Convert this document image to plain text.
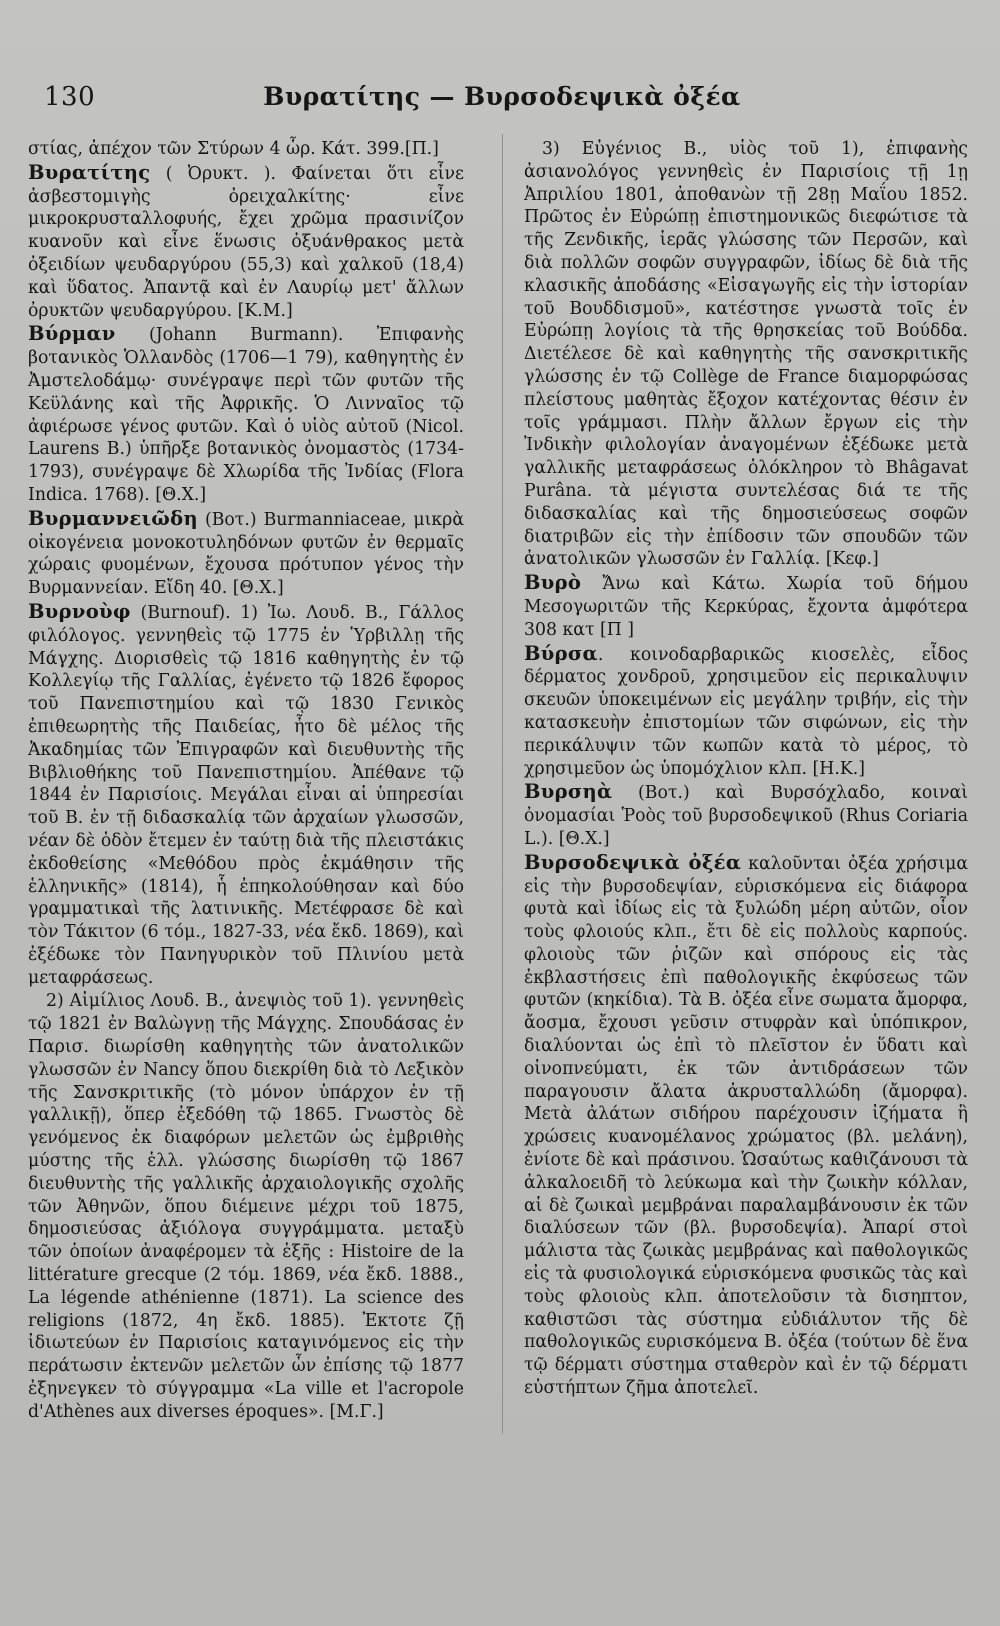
130	Βυρατίτης — Βυρσοδεψικὰ ὀξέα
στίας, ἀπέχον τῶν Στύρων 4 ὧρ. Κάτ. 399.[Π.]
Βυρατίτης ( Ὀρυκτ. ). Φαίνεται ὅτι εἶνε ἀσβεστομιγὴς ὀρειχαλκίτης· εἶνε μικροκρυσταλλοφυής, ἔχει χρῶμα πρασινίζον κυανοῦν καὶ εἶνε ἕνωσις ὀξυάνθρακος μετὰ ὀξειδίων ψευδαργύρου (55,3) καὶ χαλκοῦ (18,4) καὶ ὕδατος. Ἀπαντᾷ καὶ ἐν Λαυρίῳ μετ' ἄλλων ὀρυκτῶν ψευδαργύρου. [Κ.Μ.]
Βύρμαν (Johann Burmann). Ἐπιφανὴς βοτανικὸς Ὁλλανδὸς (1706—1 79), καθηγητὴς ἐν Ἀμστελοδάμῳ· συνέγραψε περὶ τῶν φυτῶν τῆς Κεϋλάνης καὶ τῆς Ἀφρικῆς. Ὁ Λινναῖος τῷ ἀφιέρωσε γένος φυτῶν. Καὶ ὁ υἱὸς αὐτοῦ (Nicol. Laurens B.) ὑπῆρξε βοτανικὸς ὀνομαστὸς (1734-1793), συνέγραψε δὲ Χλωρίδα τῆς Ἰνδίας (Flora Indica. 1768). [Θ.Χ.]
Βυρμαννειῶδη (Βοτ.) Burmanniaceae, μικρὰ οἰκογένεια μονοκοτυληδόνων φυτῶν ἐν θερμαῖς χώραις φυομένων, ἔχουσα πρότυπον γένος τὴν Βυρμαννείαν. Εἴδη 40. [Θ.Χ.]
Βυρνοὺφ (Burnouf). 1) Ἰω. Λουδ. Β., Γάλλος φιλόλογος. γεννηθεὶς τῷ 1775 ἐν Ὑρβιλλῃ τῆς Μάγχης. Διορισθεὶς τῷ 1816 καθηγητὴς ἐν τῷ Κολλεγίῳ τῆς Γαλλίας, ἐγένετο τῷ 1826 ἔφορος τοῦ Πανεπιστημίου καὶ τῷ 1830 Γενικὸς ἐπιθεωρητὴς τῆς Παιδείας, ἦτο δὲ μέλος τῆς Ἀκαδημίας τῶν Ἐπιγραφῶν καὶ διευθυντὴς τῆς Βιβλιοθήκης τοῦ Πανεπιστημίου. Ἀπέθανε τῷ 1844 ἐν Παρισίοις. Μεγάλαι εἶναι αἱ ὑπηρεσίαι τοῦ Β. ἐν τῇ διδασκαλίᾳ τῶν ἀρχαίων γλωσσῶν, νέαν δὲ ὁδὸν ἔτεμεν ἐν ταύτῃ διὰ τῆς πλειστάκις ἐκδοθείσης «Μεθόδου πρὸς ἐκμάθησιν τῆς ἑλληνικῆς» (1814), ἧ ἐπηκολούθησαν καὶ δύο γραμματικαὶ τῆς λατινικῆς. Μετέφρασε δὲ καὶ τὸν Τάκιτον (6 τόμ., 1827-33, νέα ἔκδ. 1869), καὶ ἐξέδωκε τὸν Πανηγυρικὸν τοῦ Πλινίου μετὰ μεταφράσεως.
2) Αἰμίλιος Λουδ. Β., ἀνεψιὸς τοῦ 1). γεννηθεὶς τῷ 1821 ἐν Βαλὼγνῃ τῆς Μάγχης. Σπουδάσας ἐν Παρισ. διωρίσθη καθηγητὴς τῶν ἀνατολικῶν γλωσσῶν ἐν Nancy ὅπου διεκρίθη διὰ τὸ Λεξικὸν τῆς Σανσκριτικῆς (τὸ μόνον ὑπάρχον ἐν τῇ γαλλικῇ), ὅπερ ἐξεδόθη τῷ 1865. Γνωστὸς δὲ γενόμενος ἐκ διαφόρων μελετῶν ὡς ἐμβριθὴς μύστης τῆς ἑλλ. γλώσσης διωρίσθη τῷ 1867 διευθυντὴς τῆς γαλλικῆς ἀρχαιολογικῆς σχολῆς τῶν Ἀθηνῶν, ὅπου διέμεινε μέχρι τοῦ 1875, δημοσιεύσας ἀξιόλογα συγγράμματα. μεταξὺ τῶν ὁποίων ἀναφέρομεν τὰ ἑξῆς : Histoire de la littérature grecque (2 τόμ. 1869, νέα ἔκδ. 1888., La légende athénienne (1871). La science des religions (1872, 4η ἔκδ. 1885). Ἐκτοτε ζῇ ἰδιωτεύων ἐν Παρισίοις καταγινόμενος εἰς τὴν περάτωσιν ἐκτενῶν μελετῶν ὧν ἐπίσης τῷ 1877 ἐξηνεγκεν τὸ σύγγραμμα «La ville et l'acropole d'Athènes aux diverses époques». [Μ.Γ.]
3) Εὐγένιος Β., υἱὸς τοῦ 1), ἐπιφανὴς ἀσιανολόγος γεννηθεὶς ἐν Παρισίοις τῇ 1ῃ Ἀπριλίου 1801, ἀποθανὼν τῇ 28ῃ Μαΐου 1852. Πρῶτος ἐν Εὐρώπῃ ἐπιστημονικῶς διεφώτισε τὰ τῆς Ζενδικῆς, ἱερᾶς γλώσσης τῶν Περσῶν, καὶ διὰ πολλῶν σοφῶν συγγραφῶν, ἰδίως δὲ διὰ τῆς κλασικῆς ἀποδάσης «Εἰσαγωγῆς εἰς τὴν ἱστορίαν τοῦ Βουδδισμοῦ», κατέστησε γνωστὰ τοῖς ἐν Εὐρώπῃ λογίοις τὰ τῆς θρησκείας τοῦ Βούδδα. Διετέλεσε δὲ καὶ καθηγητὴς τῆς σανσκριτικῆς γλώσσης ἐν τῷ Collège de France διαμορφώσας πλείστους μαθητὰς ἔξοχον κατέχοντας θέσιν ἐν τοῖς γράμμασι. Πλὴν ἄλλων ἔργων εἰς τὴν Ἰνδικὴν φιλολογίαν ἀναγομένων ἐξέδωκε μετὰ γαλλικῆς μεταφράσεως ὁλόκληρον τὸ Bhâgavat Purâna. τὰ μέγιστα συντελέσας διά τε τῆς διδασκαλίας καὶ τῆς δημοσιεύσεως σοφῶν διατριβῶν εἰς τὴν ἐπίδοσιν τῶν σπουδῶν τῶν ἀνατολικῶν γλωσσῶν ἐν Γαλλίᾳ. [Κεφ.]
Βυρὸ Ἄνω καὶ Κάτω. Χωρία τοῦ δήμου Μεσογωριτῶν τῆς Κερκύρας, ἔχοντα ἀμφότερα 308 κατ [Π ]
Βύρσα. κοινοδαρβαρικῶς κιοσελὲς, εἶδος δέρματος χονδροῦ, χρησιμεῦον εἰς περικαλυψιν σκευῶν ὑποκειμένων εἰς μεγάλην τριβήν, εἰς τὴν κατασκευὴν ἐπιστομίων τῶν σιφώνων, εἰς τὴν περικάλυψιν τῶν κωπῶν κατὰ τὸ μέρος, τὸ χρησιμεῦον ὡς ὑπομόχλιον κλπ. [Η.Κ.]
Βυρσηὰ (Βοτ.) καὶ Βυρσόχλαδο, κοιναὶ ὀνομασίαι Ῥοὸς τοῦ βυρσοδεψικοῦ (Rhus Coriaria L.). [Θ.Χ.]
Βυρσοδεψικὰ ὀξέα καλοῦνται ὀξέα χρήσιμα εἰς τὴν βυρσοδεψίαν, εὑρισκόμενα εἰς διάφορα φυτὰ καὶ ἰδίως εἰς τὰ ξυλώδη μέρη αὐτῶν, οἷον τοὺς φλοιούς κλπ., ἔτι δὲ εἰς πολλοὺς καρπούς. φλοιοὺς τῶν ῥιζῶν καὶ σπόρους εἰς τὰς ἐκβλαστήσεις ἐπὶ παθολογικῆς ἐκφύσεως τῶν φυτῶν (κηκίδια). Τὰ Β. ὀξέα εἶνε σωματα ἄμορφα, ἄοσμα, ἔχουσι γεῦσιν στυφρὰν καὶ ὑπόπικρον, διαλύονται ὡς ἐπὶ τὸ πλεῖστον ἐν ὕδατι καὶ οἰνοπνεύματι, ἐκ τῶν ἀντιδράσεων τῶν παραγουσιν ἄλατα ἀκρυσταλλώδη (ἄμορφα). Μετὰ ἀλάτων σιδήρου παρέχουσιν ἰζήματα ἢ χρώσεις κυανομέλανος χρώματος (βλ. μελάνη), ἐνίοτε δὲ καὶ πράσινου. Ὡσαύτως καθιζάνουσι τὰ ἀλκαλοειδῆ τὸ λεύκωμα καὶ τὴν ζωικὴν κόλλαν, αἱ δὲ ζωικαὶ μεμβράναι παραλαμβάνουσιν ἐκ τῶν διαλύσεων τῶν (βλ. βυρσοδεψία). Ἀπαρί στοὶ μάλιστα τὰς ζωικὰς μεμβράνας καὶ παθολογικῶς εἰς τὰ φυσιολογικά εὑρισκόμενα φυσικῶς τὰς καὶ τοὺς φλοιοὺς κλπ. ἀποτελοῦσιν τὰ δισηπτον, καθιστῶσι τὰς σύστημα εὐδιάλυτον τῆς δὲ παθολογικῶς ευρισκόμενα Β. ὀξέα (τούτων δὲ ἕνα τῷ δέρματι σύστημα σταθερὸν καὶ ἐν τῷ δέρματι εὐστήπτων ζῆμα ἀποτελεῖ.
